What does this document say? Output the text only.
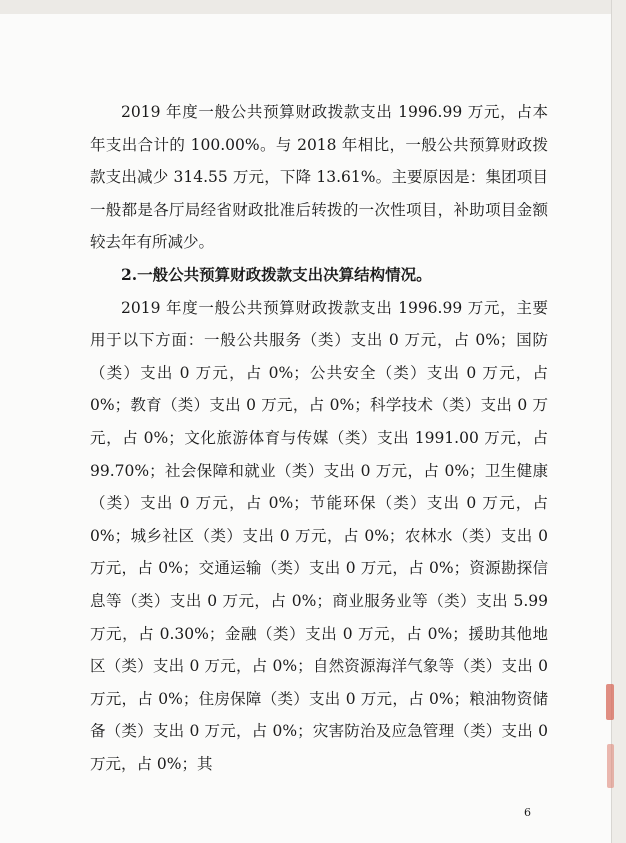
2019 年度一般公共预算财政拨款支出 1996.99 万元，占本年支出合计的 100.00%。与 2018 年相比，一般公共预算财政拨款支出减少 314.55 万元，下降 13.61%。主要原因是：集团项目一般都是各厅局经省财政批准后转拨的一次性项目，补助项目金额较去年有所减少。

2.一般公共预算财政拨款支出决算结构情况。

2019 年度一般公共预算财政拨款支出 1996.99 万元，主要用于以下方面：一般公共服务（类）支出 0 万元，占 0%；国防（类）支出 0 万元，占 0%；公共安全（类）支出 0 万元，占 0%；教育（类）支出 0 万元，占 0%；科学技术（类）支出 0 万元，占 0%；文化旅游体育与传媒（类）支出 1991.00 万元，占 99.70%；社会保障和就业（类）支出 0 万元，占 0%；卫生健康（类）支出 0 万元，占 0%；节能环保（类）支出 0 万元，占 0%；城乡社区（类）支出 0 万元，占 0%；农林水（类）支出 0 万元，占 0%；交通运输（类）支出 0 万元，占 0%；资源勘探信息等（类）支出 0 万元，占 0%；商业服务业等（类）支出 5.99 万元，占 0.30%；金融（类）支出 0 万元，占 0%；援助其他地区（类）支出 0 万元，占 0%；自然资源海洋气象等（类）支出 0 万元，占 0%；住房保障（类）支出 0 万元，占 0%；粮油物资储备（类）支出 0 万元，占 0%；灾害防治及应急管理（类）支出 0 万元，占 0%；其

6
